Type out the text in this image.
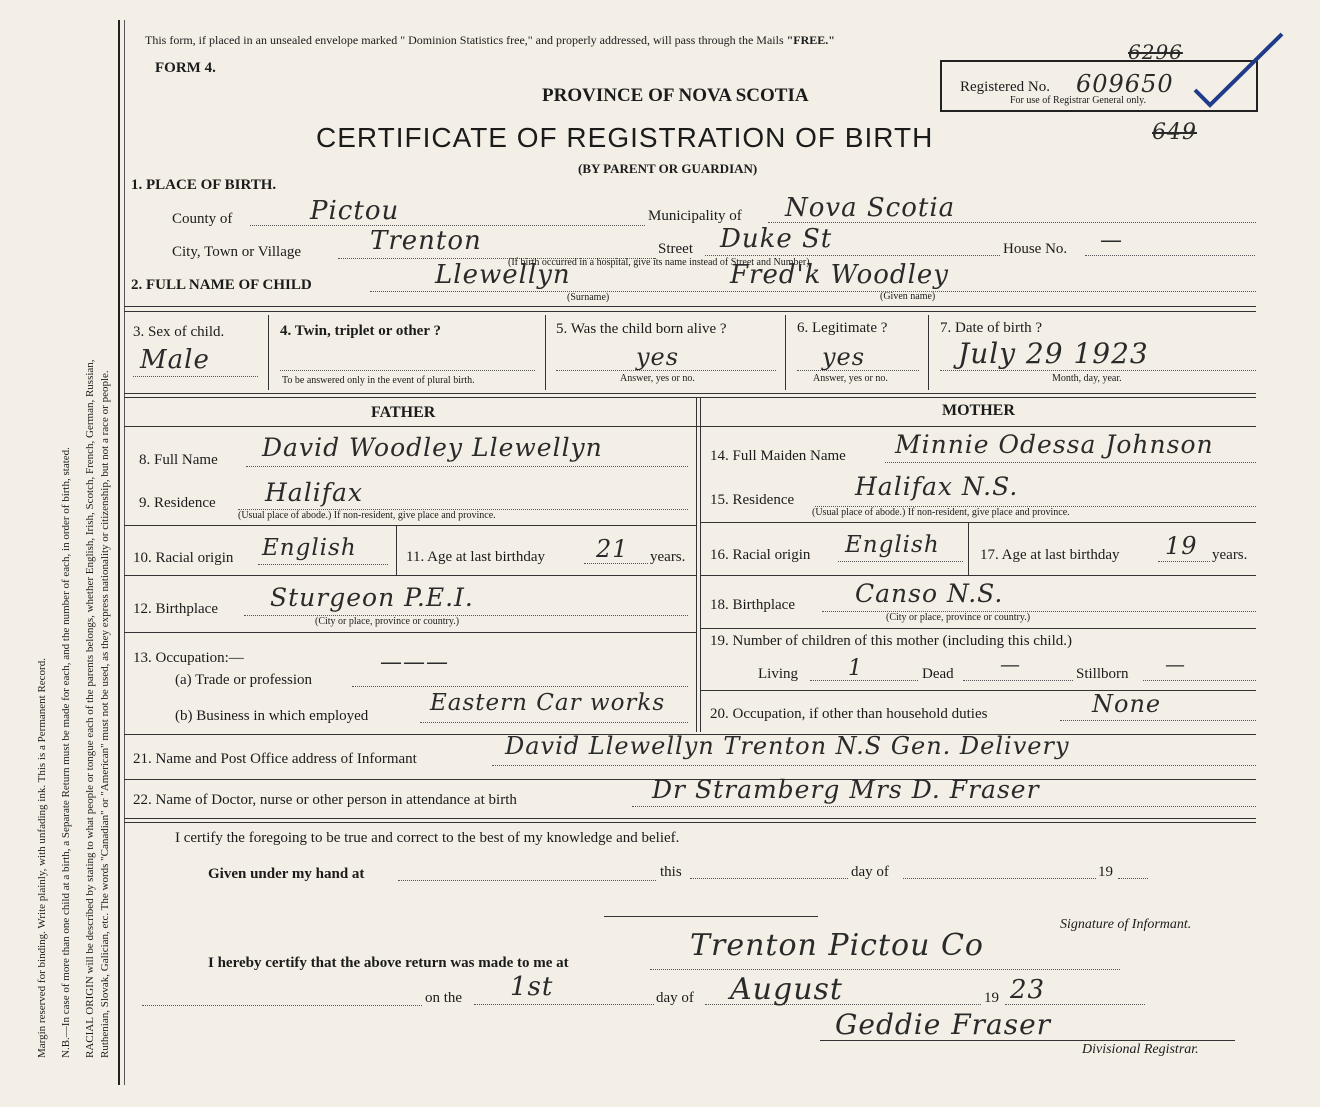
Margin reserved for binding. Write plainly, with unfading ink. This is a Permanent Record. N.B.—In case of more than one child at a birth, a Separate Return must be made for each, and the number of each, in order of birth, stated. RACIAL ORIGIN will be described by stating to what people or tongue each of the parents belongs, whether English, Irish, Scotch, French, German, Russian, Ruthenian, Slovak, Galician, etc. The words "Canadian" or "American" must not be used, as they express nationality or citizenship, but not a race or people.
This form, if placed in an unsealed envelope marked " Dominion Statistics free," and properly addressed, will pass through the Mails "FREE."
FORM 4.
PROVINCE OF NOVA SCOTIA
CERTIFICATE OF REGISTRATION OF BIRTH
(BY PARENT OR GUARDIAN)
Registered No. 609650
For use of Registrar General only.
6296
649
1. PLACE OF BIRTH.
County of	Pictou	Municipality of Nova Scotia
City, Town or Village	Trenton	Street Duke St	House No. —
(If birth occurred in a hospital, give its name instead of Street and Number)
2. FULL NAME OF CHILD	Llewellyn	Fred'k Woodley
(Surname)	(Given name)
3. Sex of child.
Male
4. Twin, triplet or other ?
To be answered only in the event of plural birth.
5. Was the child born alive ?
yes
Answer, yes or no.
6. Legitimate ?
yes
Answer, yes or no.
7. Date of birth ?
July 29 1923
Month, day, year.
FATHER	MOTHER
8. Full Name David Woodley Llewellyn
9. Residence Halifax
(Usual place of abode.) If non-resident, give place and province.
10. Racial origin English	11. Age at last birthday 21 years.
12. Birthplace Sturgeon P.E.I.
(City or place, province or country.)
13. Occupation:—
(a) Trade or profession
———
(b) Business in which employed	Eastern Car works
14. Full Maiden Name Minnie Odessa Johnson
15. Residence Halifax N.S.
(Usual place of abode.) If non-resident, give place and province.
16. Racial origin English	17. Age at last birthday 19 years.
18. Birthplace Canso N.S.
(City or place, province or country.)
19. Number of children of this mother (including this child.)
Living 1	Dead —	Stillborn —
20. Occupation, if other than household duties	None
21. Name and Post Office address of Informant	David Llewellyn Trenton N.S Gen. Delivery
22. Name of Doctor, nurse or other person in attendance at birth	Dr Stramberg Mrs D. Fraser
I certify the foregoing to be true and correct to the best of my knowledge and belief.
Given under my hand at	this	day of	19
Signature of Informant.
I hereby certify that the above return was made to me at	Trenton Pictou Co
on the 1st	day of August	19 23
Geddie Fraser
Divisional Registrar.
